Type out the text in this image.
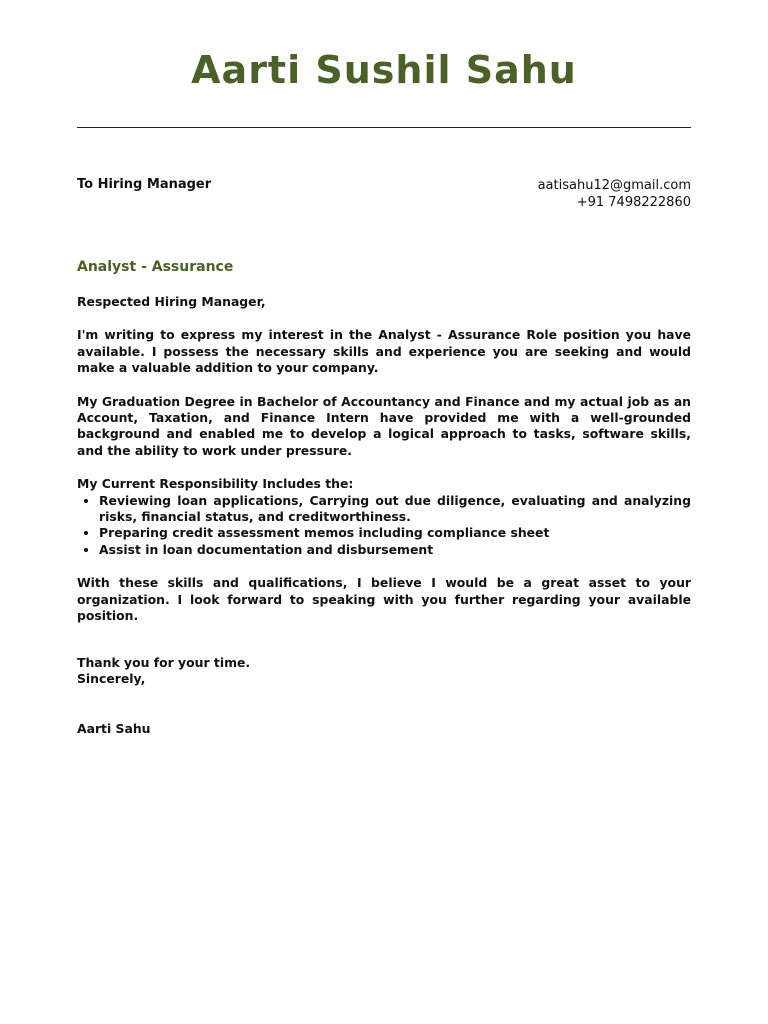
Aarti Sushil Sahu
To Hiring Manager	aatisahu12@gmail.com
+91 7498222860
Analyst - Assurance

Respected Hiring Manager,

I'm writing to express my interest in the Analyst - Assurance Role position you have available. I possess the necessary skills and experience you are seeking and would make a valuable addition to your company.

My Graduation Degree in Bachelor of Accountancy and Finance and my actual job as an Account, Taxation, and Finance Intern have provided me with a well-grounded background and enabled me to develop a logical approach to tasks, software skills, and the ability to work under pressure.

My Current Responsibility Includes the:

• Reviewing loan applications, Carrying out due diligence, evaluating and analyzing risks, financial status, and creditworthiness.
• Preparing credit assessment memos including compliance sheet
• Assist in loan documentation and disbursement

With these skills and qualifications, I believe I would be a great asset to your organization. I look forward to speaking with you further regarding your available position.

Thank you for your time.
Sincerely,
Aarti Sahu
